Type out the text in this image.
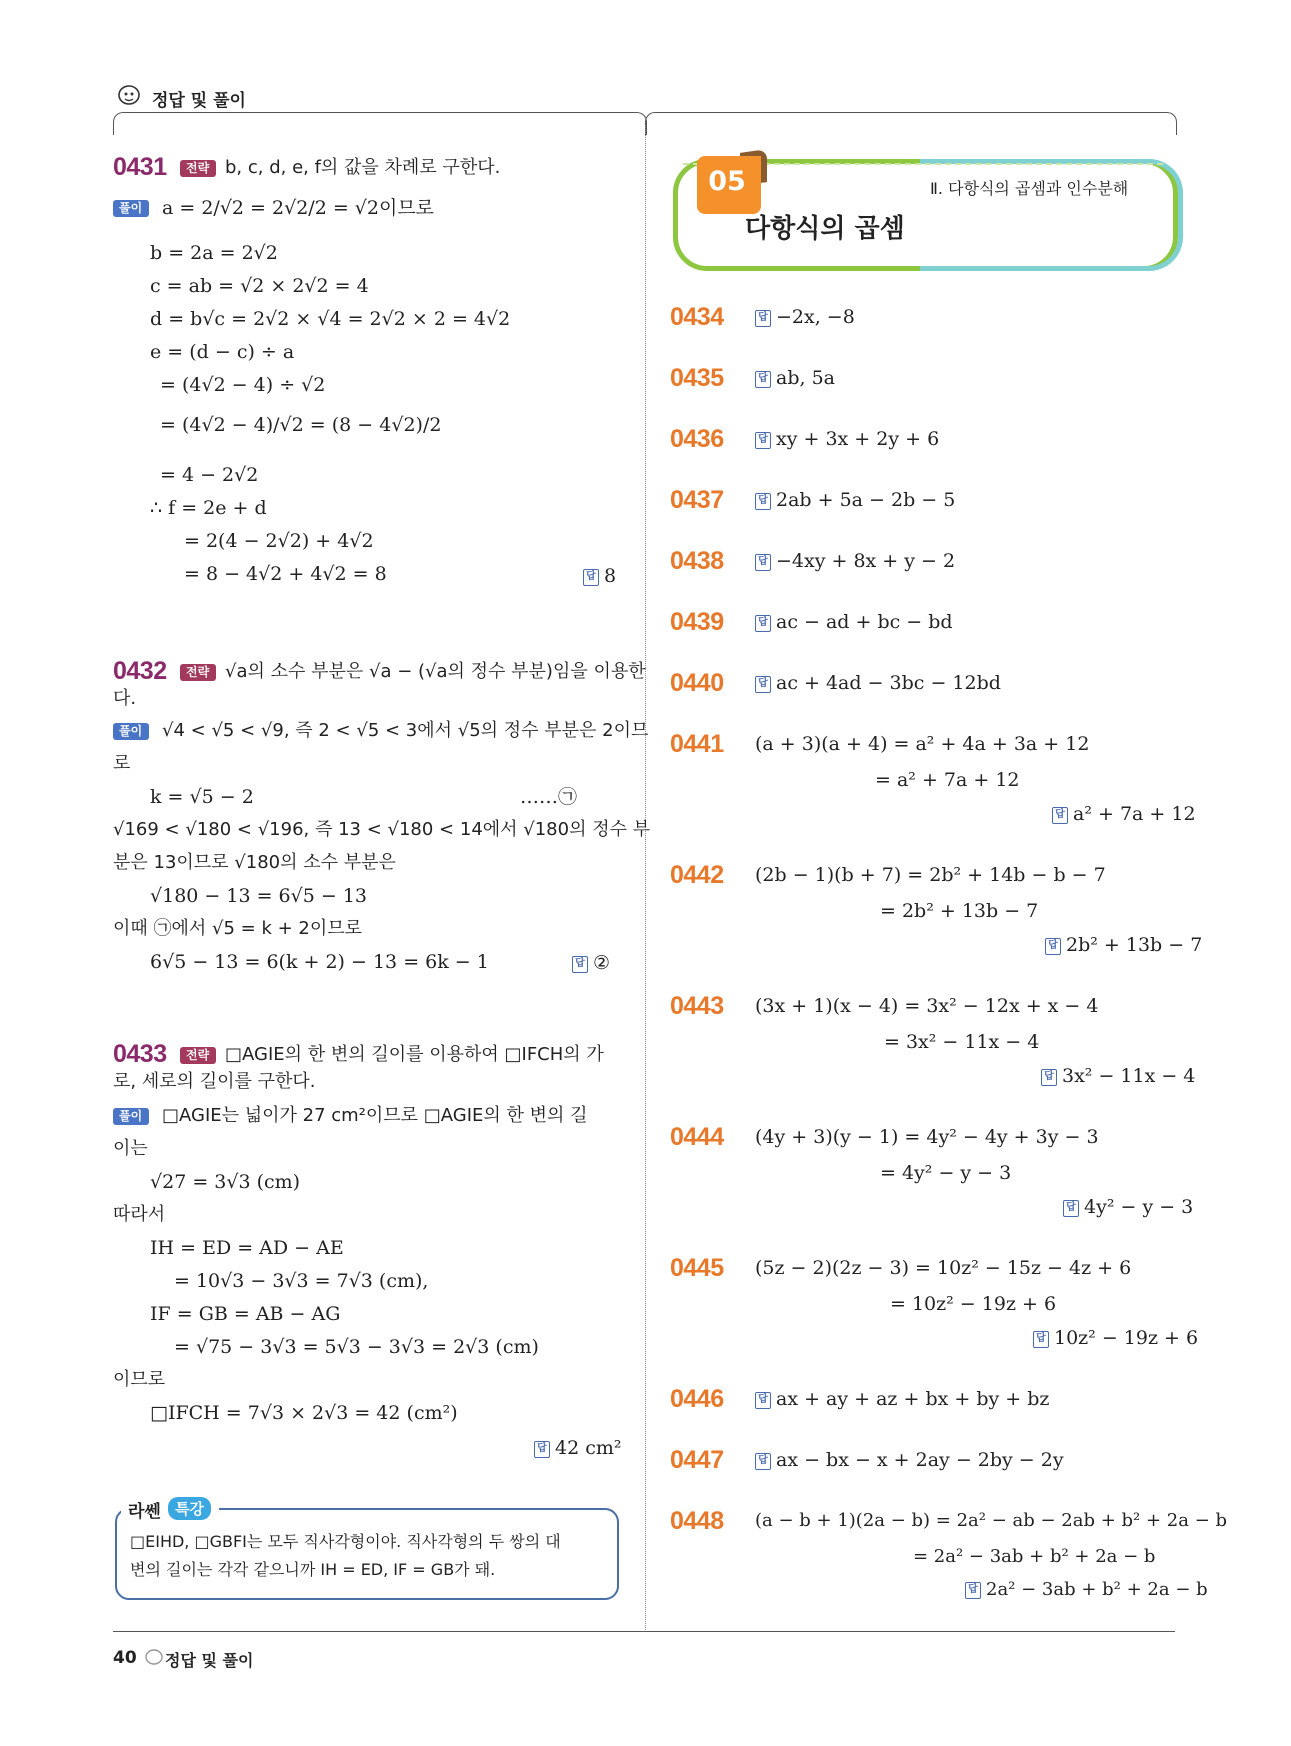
정답 및 풀이
0431	전략 b, c, d, e, f의 값을 차례로 구한다.
풀이	a = 2/√2 = 2√2/2 = √2이므로
b = 2a = 2√2
c = ab = √2 × 2√2 = 4
d = b√c = 2√2 × √4 = 2√2 × 2 = 4√2
e = (d − c) ÷ a
= (4√2 − 4) ÷ √2
= (4√2 − 4)/√2 = (8 − 4√2)/2
= 4 − 2√2
∴ f = 2e + d
= 2(4 − 2√2) + 4√2
= 8 − 4√2 + 4√2 = 8	답 8
0432	전략 √a의 소수 부분은 √a − (√a의 정수 부분)임을 이용한
다.
풀이	√4 < √5 < √9, 즉 2 < √5 < 3에서 √5의 정수 부분은 2이므
로
k = √5 − 2	……㉠
√169 < √180 < √196, 즉 13 < √180 < 14에서 √180의 정수 부
분은 13이므로 √180의 소수 부분은
√180 − 13 = 6√5 − 13
이때 ㉠에서 √5 = k + 2이므로
6√5 − 13 = 6(k + 2) − 13 = 6k − 1	답 ②
0433	전략 □AGIE의 한 변의 길이를 이용하여 □IFCH의 가
로, 세로의 길이를 구한다.
풀이	□AGIE는 넓이가 27 cm²이므로 □AGIE의 한 변의 길
이는
√27 = 3√3 (cm)
따라서
IH = ED = AD − AE
= 10√3 − 3√3 = 7√3 (cm),
IF = GB = AB − AG
= √75 − 3√3 = 5√3 − 3√3 = 2√3 (cm)
이므로
□IFCH = 7√3 × 2√3 = 42 (cm²)
답 42 cm²
라쎈 특강
□EIHD, □GBFI는 모두 직사각형이야. 직사각형의 두 쌍의 대
변의 길이는 각각 같으니까 IH = ED, IF = GB가 돼.
05	Ⅱ. 다항식의 곱셈과 인수분해
다항식의 곱셈
0434	답 −2x, −8
0435	답 ab, 5a
0436	답 xy + 3x + 2y + 6
0437	답 2ab + 5a − 2b − 5
0438	답 −4xy + 8x + y − 2
0439	답 ac − ad + bc − bd
0440	답 ac + 4ad − 3bc − 12bd
0441 (a + 3)(a + 4) = a² + 4a + 3a + 12
= a² + 7a + 12
답 a² + 7a + 12
0442 (2b − 1)(b + 7) = 2b² + 14b − b − 7
= 2b² + 13b − 7
답 2b² + 13b − 7
0443 (3x + 1)(x − 4) = 3x² − 12x + x − 4
= 3x² − 11x − 4
답 3x² − 11x − 4
0444 (4y + 3)(y − 1) = 4y² − 4y + 3y − 3
= 4y² − y − 3
답 4y² − y − 3
0445 (5z − 2)(2z − 3) = 10z² − 15z − 4z + 6
= 10z² − 19z + 6
답 10z² − 19z + 6
0446	답 ax + ay + az + bx + by + bz
0447	답 ax − bx − x + 2ay − 2by − 2y
0448 (a − b + 1)(2a − b) = 2a² − ab − 2ab + b² + 2a − b
= 2a² − 3ab + b² + 2a − b
답 2a² − 3ab + b² + 2a − b
40 정답 및 풀이
